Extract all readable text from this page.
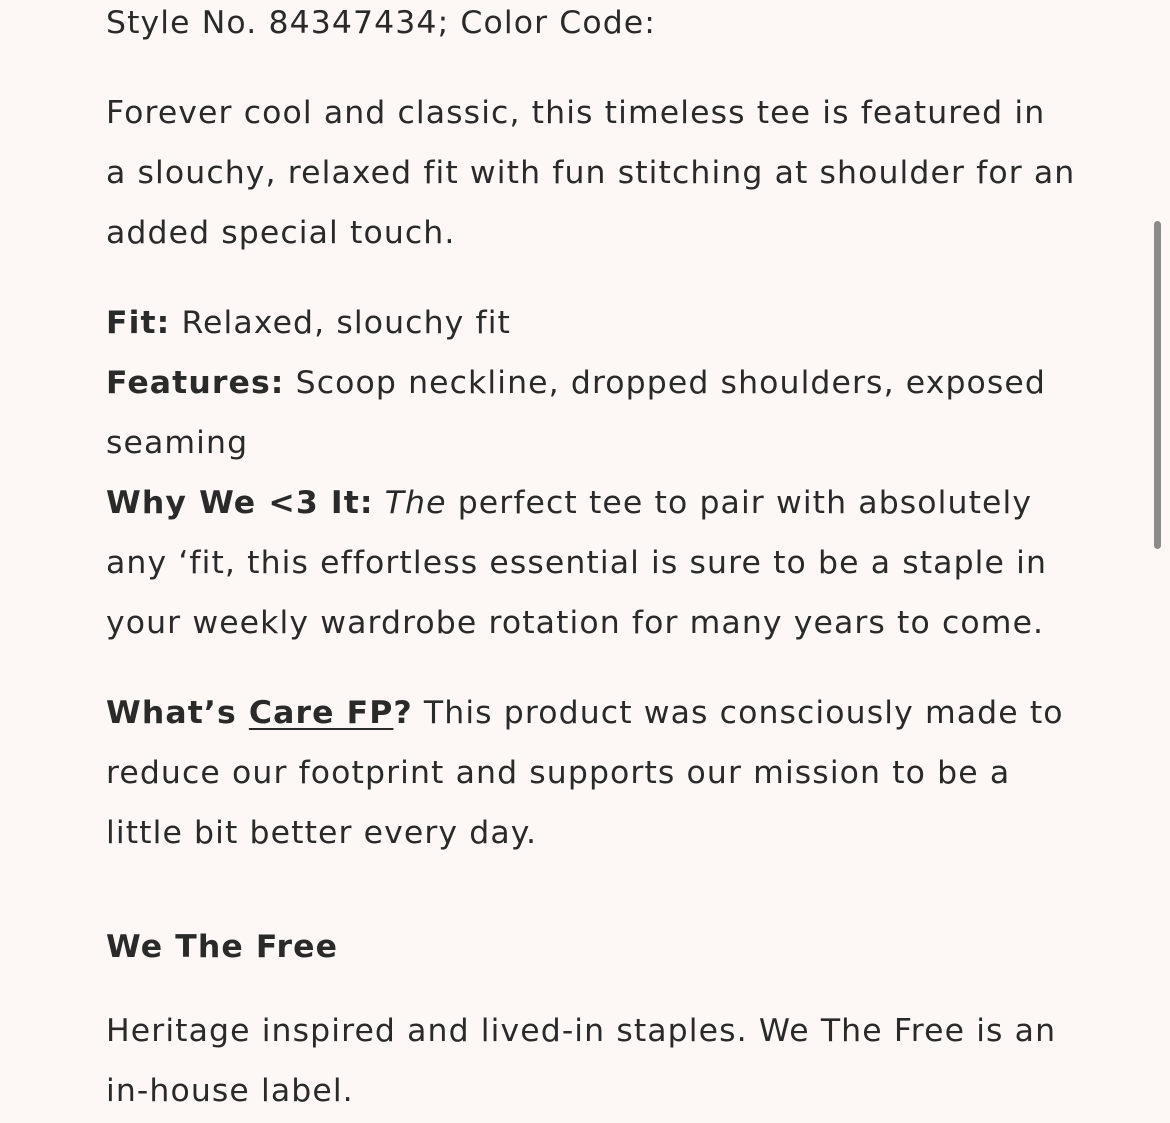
Style No. 84347434; Color Code:

Forever cool and classic, this timeless tee is featured in a slouchy, relaxed fit with fun stitching at shoulder for an added special touch.

Fit: Relaxed, slouchy fit
Features: Scoop neckline, dropped shoulders, exposed seaming
Why We <3 It: The perfect tee to pair with absolutely any ‘fit, this effortless essential is sure to be a staple in your weekly wardrobe rotation for many years to come.

What’s Care FP? This product was consciously made to reduce our footprint and supports our mission to be a little bit better every day.

We The Free

Heritage inspired and lived-in staples. We The Free is an in-house label.
